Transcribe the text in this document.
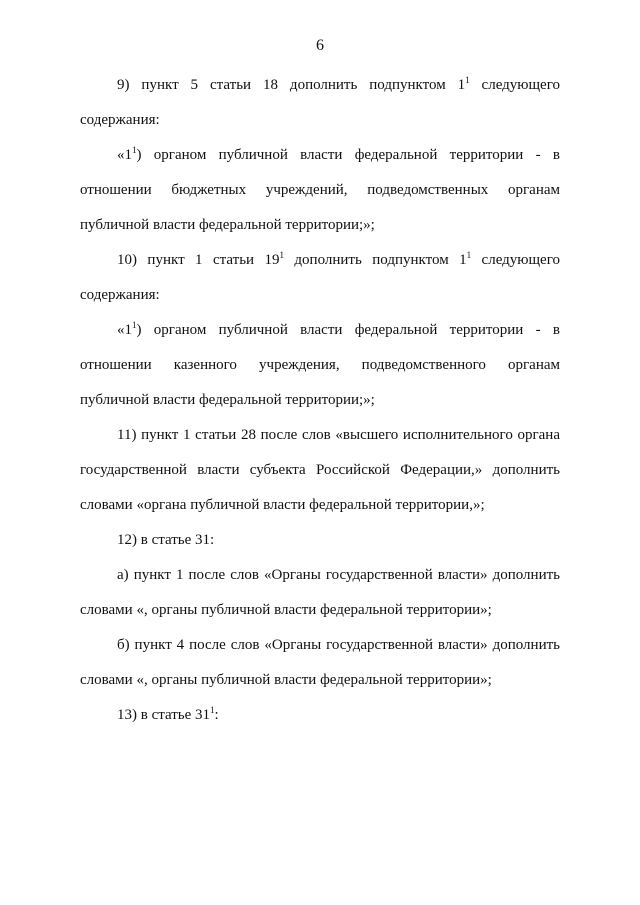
6
9) пункт 5 статьи 18 дополнить подпунктом $1^1$ следующего
содержания:
«$1^1$) органом публичной власти федеральной территории - в
отношении бюджетных учреждений, подведомственных органам
публичной власти федеральной территории;»;
10) пункт 1 статьи $19^1$ дополнить подпунктом $1^1$ следующего
содержания:
«$1^1$) органом публичной власти федеральной территории - в
отношении казенного учреждения, подведомственного органам
публичной власти федеральной территории;»;
11) пункт 1 статьи 28 после слов «высшего исполнительного органа
государственной власти субъекта Российской Федерации,» дополнить
словами «органа публичной власти федеральной территории,»;
12) в статье 31:
а) пункт 1 после слов «Органы государственной власти» дополнить
словами «, органы публичной власти федеральной территории»;
б) пункт 4 после слов «Органы государственной власти» дополнить
словами «, органы публичной власти федеральной территории»;
13) в статье $31^1$:
